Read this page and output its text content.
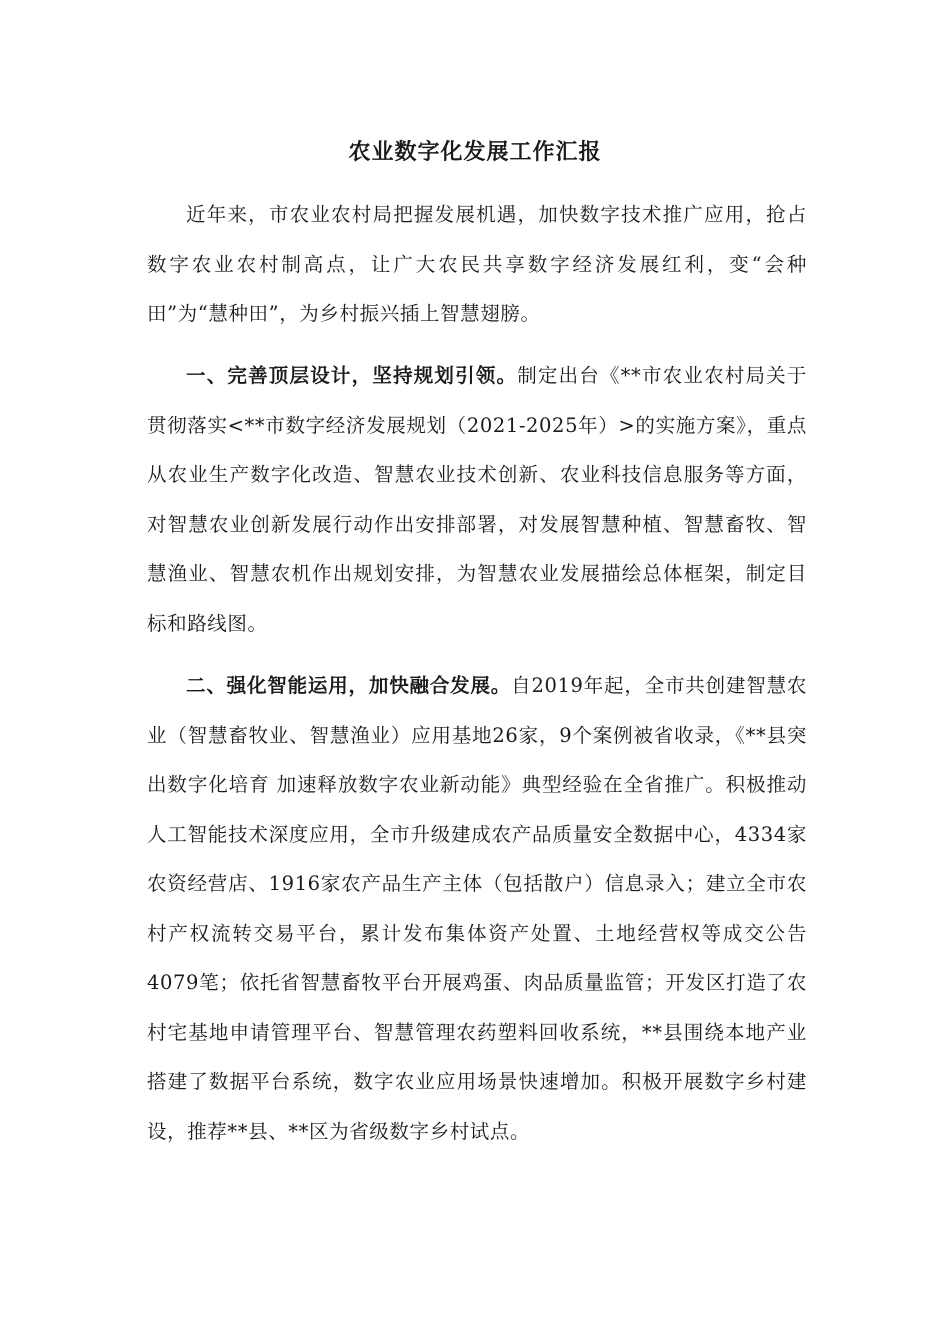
农业数字化发展工作汇报

近年来，市农业农村局把握发展机遇，加快数字技术推广应用，抢占数字农业农村制高点，让广大农民共享数字经济发展红利，变“会种田”为“慧种田”，为乡村振兴插上智慧翅膀。

一、完善顶层设计，坚持规划引领。制定出台《**市农业农村局关于贯彻落实<**市数字经济发展规划（2021-2025年）>的实施方案》，重点从农业生产数字化改造、智慧农业技术创新、农业科技信息服务等方面，对智慧农业创新发展行动作出安排部署，对发展智慧种植、智慧畜牧、智慧渔业、智慧农机作出规划安排，为智慧农业发展描绘总体框架，制定目标和路线图。

二、强化智能运用，加快融合发展。自2019年起，全市共创建智慧农业（智慧畜牧业、智慧渔业）应用基地26家，9个案例被省收录，《**县突出数字化培育 加速释放数字农业新动能》典型经验在全省推广。积极推动人工智能技术深度应用，全市升级建成农产品质量安全数据中心，4334家农资经营店、1916家农产品生产主体（包括散户）信息录入；建立全市农村产权流转交易平台，累计发布集体资产处置、土地经营权等成交公告4079笔；依托省智慧畜牧平台开展鸡蛋、肉品质量监管；开发区打造了农村宅基地申请管理平台、智慧管理农药塑料回收系统，**县围绕本地产业搭建了数据平台系统，数字农业应用场景快速增加。积极开展数字乡村建设，推荐**县、**区为省级数字乡村试点。
